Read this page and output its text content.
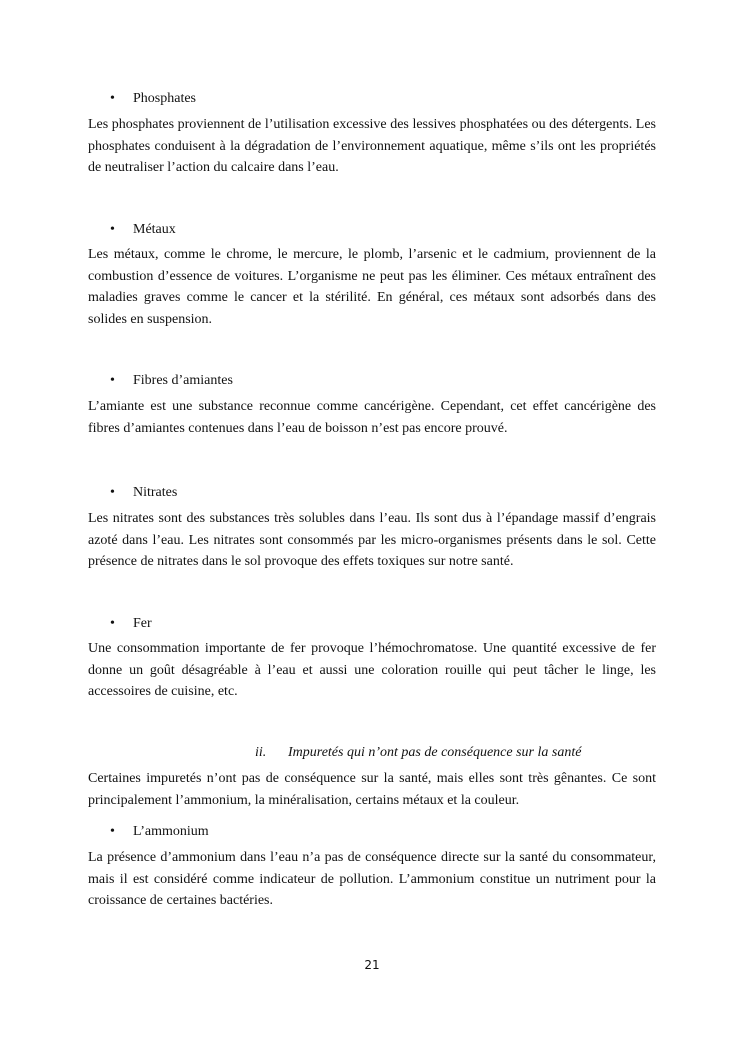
• Phosphates

Les phosphates proviennent de l’utilisation excessive des lessives phosphatées ou des détergents. Les phosphates conduisent à la dégradation de l’environnement aquatique, même s’ils ont les propriétés de neutraliser l’action du calcaire dans l’eau.

• Métaux

Les métaux, comme le chrome, le mercure, le plomb, l’arsenic et le cadmium, proviennent de la combustion d’essence de voitures. L’organisme ne peut pas les éliminer. Ces métaux entraînent des maladies graves comme le cancer et la stérilité. En général, ces métaux sont adsorbés dans des solides en suspension.

• Fibres d’amiantes

L’amiante est une substance reconnue comme cancérigène. Cependant, cet effet cancérigène des fibres d’amiantes contenues dans l’eau de boisson n’est pas encore prouvé.

• Nitrates

Les nitrates sont des substances très solubles dans l’eau. Ils sont dus à l’épandage massif d’engrais azoté dans l’eau. Les nitrates sont consommés par les micro-organismes présents dans le sol. Cette présence de nitrates dans le sol provoque des effets toxiques sur notre santé.

• Fer

Une consommation importante de fer provoque l’hémochromatose. Une quantité excessive de fer donne un goût désagréable à l’eau et aussi une coloration rouille qui peut tâcher le linge, les accessoires de cuisine, etc.

ii. Impuretés qui n’ont pas de conséquence sur la santé

Certaines impuretés n’ont pas de conséquence sur la santé, mais elles sont très gênantes. Ce sont principalement l’ammonium, la minéralisation, certains métaux et la couleur.

• L’ammonium

La présence d’ammonium dans l’eau n’a pas de conséquence directe sur la santé du consommateur, mais il est considéré comme indicateur de pollution. L’ammonium constitue un nutriment pour la croissance de certaines bactéries.

21
